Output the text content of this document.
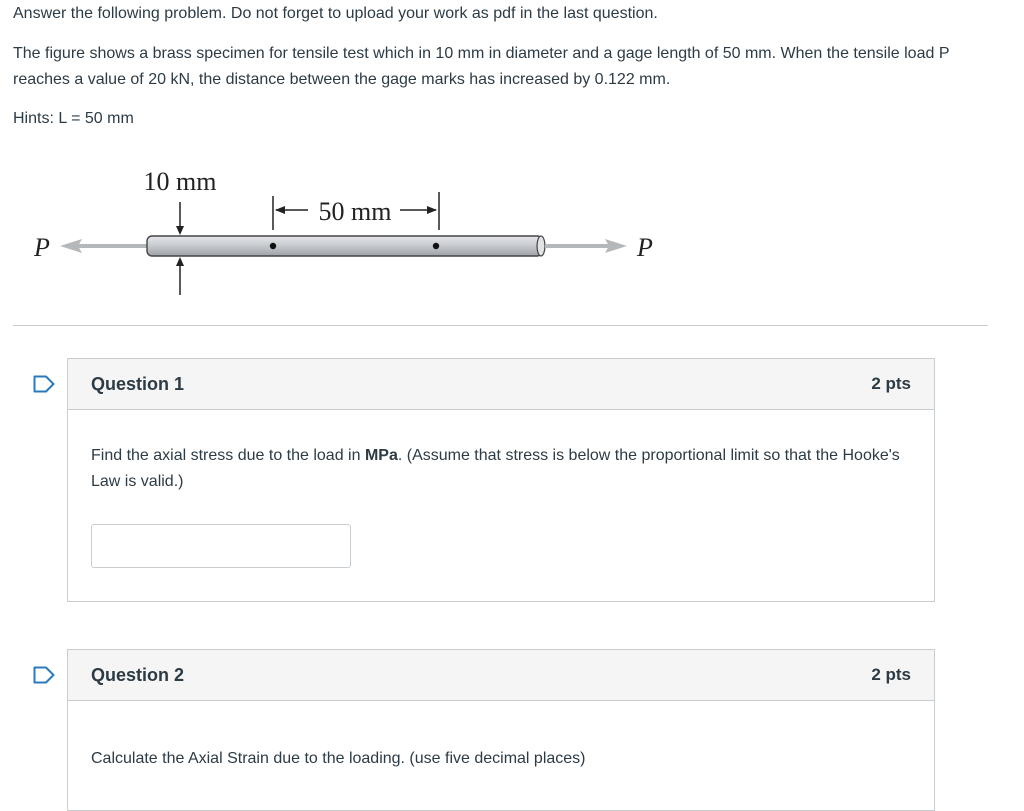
Answer the following problem. Do not forget to upload your work as pdf in the last question.

The figure shows a brass specimen for tensile test which in 10 mm in diameter and a gage length of 50 mm. When the tensile load P reaches a value of 20 kN, the distance between the gage marks has increased by 0.122 mm.

Hints: L = 50 mm

10 mm
50 mm
P	P
Question 1	2 pts

Find the axial stress due to the load in MPa. (Assume that stress is below the proportional limit so that the Hooke's Law is valid.)

Question 2	2 pts

Calculate the Axial Strain due to the loading. (use five decimal places)
